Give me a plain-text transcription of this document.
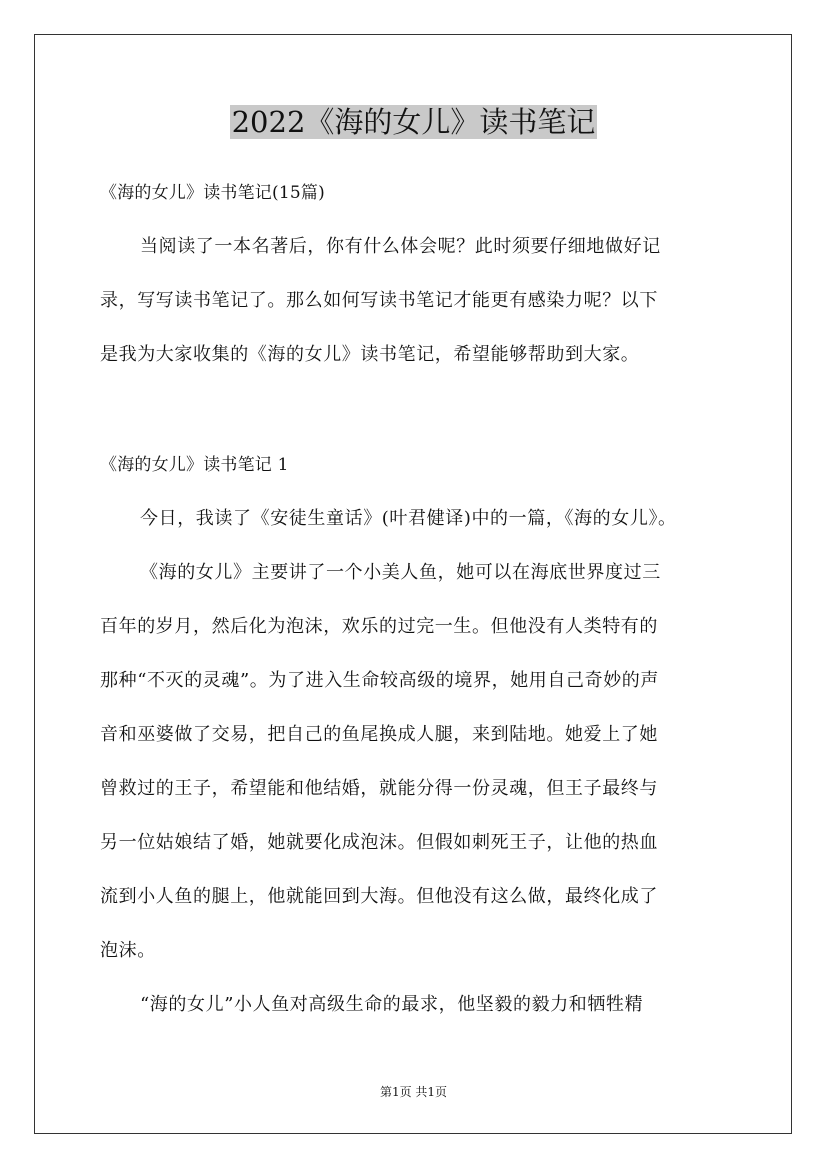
2022《海的女儿》读书笔记
《海的女儿》读书笔记(15篇)
当阅读了一本名著后，你有什么体会呢？此时须要仔细地做好记
录，写写读书笔记了。那么如何写读书笔记才能更有感染力呢？以下
是我为大家收集的《海的女儿》读书笔记，希望能够帮助到大家。
《海的女儿》读书笔记 1
今日，我读了《安徒生童话》(叶君健译)中的一篇，《海的女儿》。
《海的女儿》主要讲了一个小美人鱼，她可以在海底世界度过三
百年的岁月，然后化为泡沫，欢乐的过完一生。但他没有人类特有的
那种“不灭的灵魂”。为了进入生命较高级的境界，她用自己奇妙的声
音和巫婆做了交易，把自己的鱼尾换成人腿，来到陆地。她爱上了她
曾救过的王子，希望能和他结婚，就能分得一份灵魂，但王子最终与
另一位姑娘结了婚，她就要化成泡沫。但假如刺死王子，让他的热血
流到小人鱼的腿上，他就能回到大海。但他没有这么做，最终化成了
泡沫。
“海的女儿”小人鱼对高级生命的最求，他坚毅的毅力和牺牲精
第1页 共1页
